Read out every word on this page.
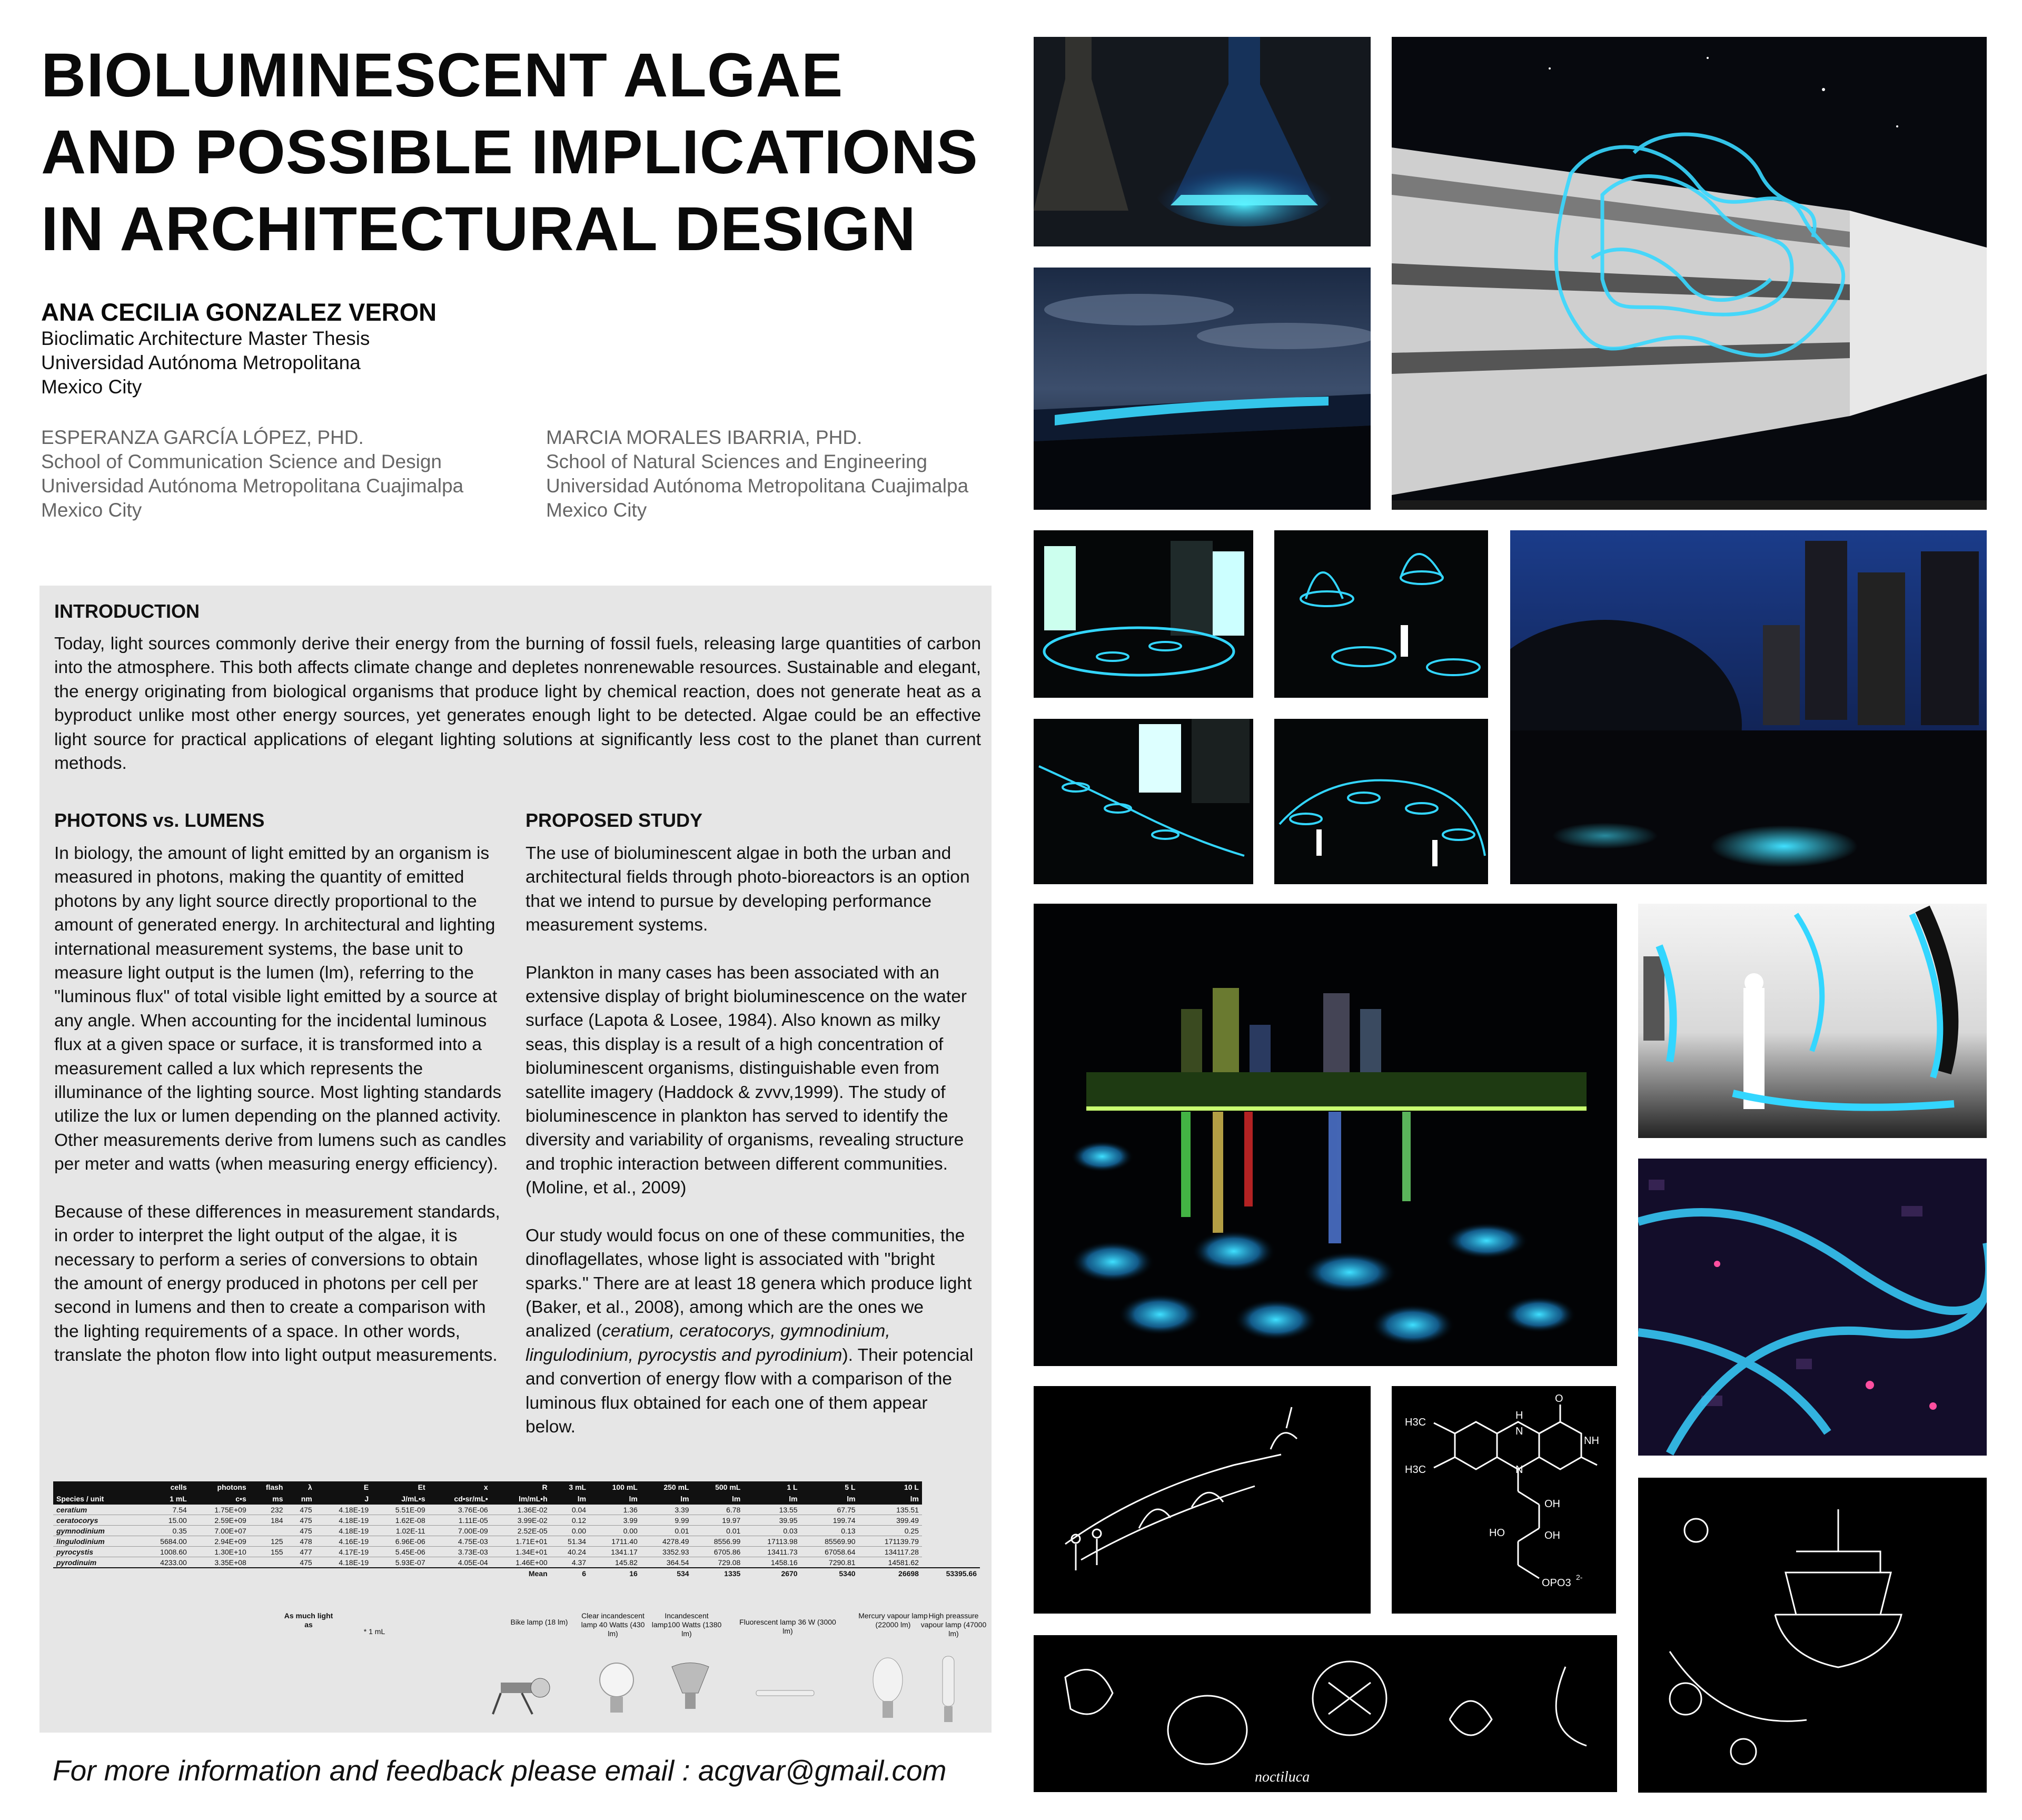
BIOLUMINESCENT ALGAE
AND POSSIBLE IMPLICATIONS
IN ARCHITECTURAL DESIGN
ANA CECILIA GONZALEZ VERON
Bioclimatic Architecture Master Thesis
Universidad Autónoma Metropolitana
Mexico City
ESPERANZA GARCÍA LÓPEZ, PHD.
School of Communication Science and Design
Universidad Autónoma Metropolitana Cuajimalpa
Mexico City
MARCIA MORALES IBARRIA, PHD.
School of Natural Sciences and Engineering
Universidad Autónoma Metropolitana Cuajimalpa
Mexico City
INTRODUCTION
Today, light sources commonly derive their energy from the burning of fossil fuels, releasing large quantities of carbon into the atmosphere. This both affects climate change and depletes nonrenewable resources. Sustainable and elegant, the energy originating from biological organisms that produce light by chemical reaction, does not generate heat as a byproduct unlike most other energy sources, yet generates enough light to be detected. Algae could be an effective light source for practical applications of elegant lighting solutions at significantly less cost to the planet than current methods.
PHOTONS vs. LUMENS

In biology, the amount of light emitted by an organism is measured in photons, making the quantity of emitted photons by any light source directly proportional to the amount of generated energy. In architectural and lighting international measurement systems, the base unit to measure light output is the lumen (lm), referring to the "luminous flux" of total visible light emitted by a source at any angle. When accounting for the incidental luminous flux at a given space or surface, it is transformed into a measurement called a lux which represents the illuminance of the lighting source. Most lighting standards utilize the lux or lumen depending on the planned activity. Other measurements derive from lumens such as candles per meter and watts (when measuring energy efficiency).

Because of these differences in measurement standards, in order to interpret the light output of the algae, it is necessary to perform a series of conversions to obtain the amount of energy produced in photons per cell per second in lumens and then to create a comparison with the lighting requirements of a space. In other words, translate the photon flow into light output measurements.

PROPOSED STUDY

The use of bioluminescent algae in both the urban and architectural fields through photo-bioreactors is an option that we intend to pursue by developing performance measurement systems.

Plankton in many cases has been associated with an extensive display of bright bioluminescence on the water surface (Lapota & Losee, 1984). Also known as milky seas, this display is a result of a high concentration of bioluminescent organisms, distinguishable even from satellite imagery (Haddock & zvvv,1999). The study of bioluminescence in plankton has served to identify the diversity and variability of organisms, revealing structure and trophic interaction between different communities. (Moline, et al., 2009)

Our study would focus on one of these communities, the dinoflagellates, whose light is associated with "bright sparks." There are at least 18 genera which produce light (Baker, et al., 2008), among which are the ones we analized (ceratium, ceratocorys, gymnodinium, lingulodinium, pyrocystis and pyrodinium). Their potencial and convertion of energy flow with a comparison of the luminous flux obtained for each one of them appear below.

	cells	photons	flash	λ	E	Et	x	R	3 mL	100 mL	250 mL	500 mL	1 L	5 L	10 L	
Species / unit	1 mL	c•s	ms	nm	J	J/mL•s	cd•sr/mL•	lm/mL•h	lm	lm	lm	lm	lm	lm	lm	
ceratium	7.54	1.75E+09	232	475	4.18E-19	5.51E-09	3.76E-06	1.36E-02	0.04	1.36	3.39	6.78	13.55	67.75	135.51	
ceratocorys	15.00	2.59E+09	184	475	4.18E-19	1.62E-08	1.11E-05	3.99E-02	0.12	3.99	9.99	19.97	39.95	199.74	399.49	
gymnodinium	0.35	7.00E+07		475	4.18E-19	1.02E-11	7.00E-09	2.52E-05	0.00	0.00	0.01	0.01	0.03	0.13	0.25	
lingulodinium	5684.00	2.94E+09	125	478	4.16E-19	6.96E-06	4.75E-03	1.71E+01	51.34	1711.40	4278.49	8556.99	17113.98	85569.90	171139.79	
pyrocystis	1008.60	1.30E+10	155	477	4.17E-19	5.45E-06	3.73E-03	1.34E+01	40.24	1341.17	3352.93	6705.86	13411.73	67058.64	134117.28	
pyrodinuim	4233.00	3.35E+08		475	4.18E-19	5.93E-07	4.05E-04	1.46E+00	4.37	145.82	364.54	729.08	1458.16	7290.81	14581.62	
								Mean	6	16	534	1335	2670	5340	26698	53395.66
As much light as
* 1 mL
Bike lamp (18 lm)
Clear incandescent lamp 40 Watts (430 lm)
Incandescent lamp100 Watts (1380 lm)
Fluorescent lamp 36 W (3000 lm)
Mercury vapour lamp (22000 lm)
High preassure vapour lamp (47000 lm)
For more information and feedback please email : acgvar@gmail.com
H3C
H3C
H
N
N
O
NH
OH
OH
HO
OPO3 2-
noctiluca
